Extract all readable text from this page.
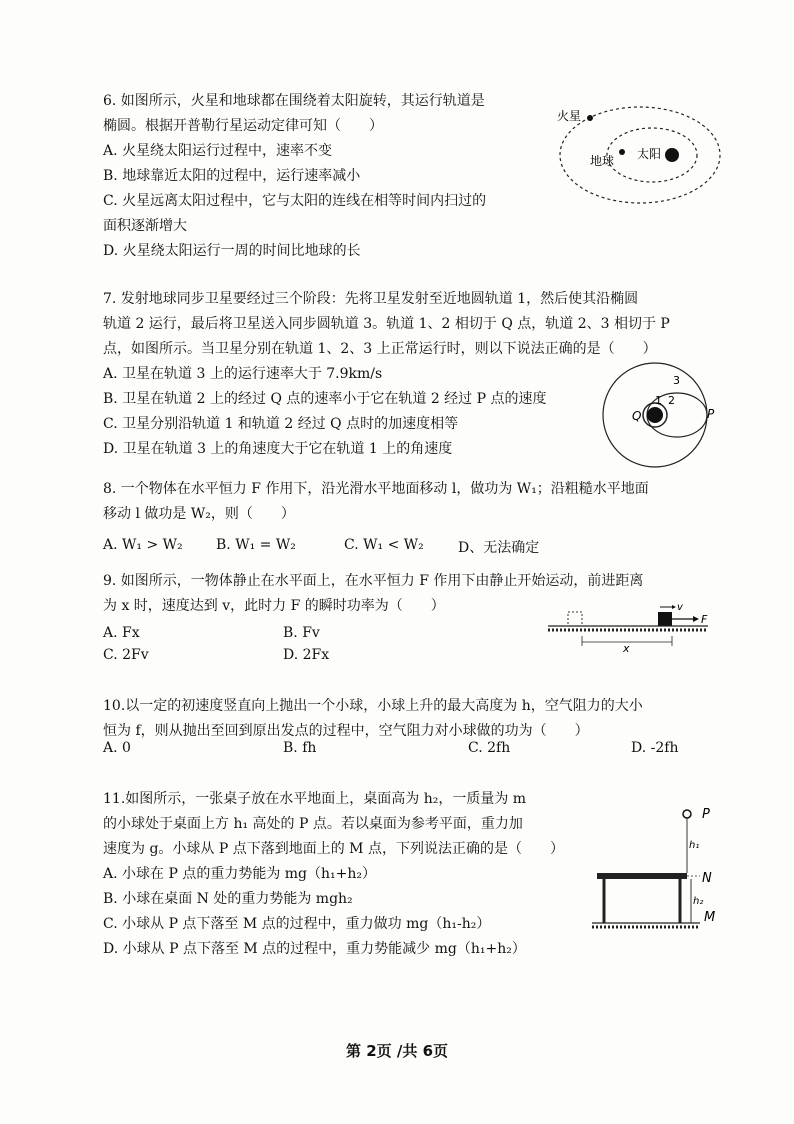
6. 如图所示，火星和地球都在围绕着太阳旋转，其运行轨道是
椭圆。根据开普勒行星运动定律可知（　　）
A. 火星绕太阳运行过程中，速率不变
B. 地球靠近太阳的过程中，运行速率减小
C. 火星远离太阳过程中，它与太阳的连线在相等时间内扫过的
面积逐渐增大
D. 火星绕太阳运行一周的时间比地球的长
火星
地球 太阳
7. 发射地球同步卫星要经过三个阶段：先将卫星发射至近地圆轨道 1，然后使其沿椭圆
轨道 2 运行，最后将卫星送入同步圆轨道 3。轨道 1、2 相切于 Q 点，轨道 2、3 相切于 P
点，如图所示。当卫星分别在轨道 1、2、3 上正常运行时，则以下说法正确的是（　　）
A. 卫星在轨道 3 上的运行速率大于 7.9km/s
B. 卫星在轨道 2 上的经过 Q 点的速率小于它在轨道 2 经过 P 点的速度
C. 卫星分别沿轨道 1 和轨道 2 经过 Q 点时的加速度相等
D. 卫星在轨道 3 上的角速度大于它在轨道 1 上的角速度
3
2
1
Q	P
8. 一个物体在水平恒力 F 作用下，沿光滑水平地面移动 l，做功为 W₁；沿粗糙水平地面
移动 l 做功是 W₂，则（　　）
A. W₁ > W₂ B. W₁ = W₂	C. W₁ < W₂ D、无法确定
9. 如图所示，一物体静止在水平面上，在水平恒力 F 作用下由静止开始运动，前进距离
为 x 时，速度达到 v，此时力 F 的瞬时功率为（　　）
A. Fx	B. Fv
C. 2Fv	D. 2Fx
v
F
x
10.以一定的初速度竖直向上抛出一个小球，小球上升的最大高度为 h，空气阻力的大小
恒为 f，则从抛出至回到原出发点的过程中，空气阻力对小球做的功为（　　）
A. 0	B. fh	C. 2fh	D. -2fh
11.如图所示，一张桌子放在水平地面上，桌面高为 h₂，一质量为 m
的小球处于桌面上方 h₁ 高处的 P 点。若以桌面为参考平面，重力加
速度为 g。小球从 P 点下落到地面上的 M 点，下列说法正确的是（　　）
A. 小球在 P 点的重力势能为 mg（h₁+h₂）
B. 小球在桌面 N 处的重力势能为 mgh₂
C. 小球从 P 点下落至 M 点的过程中，重力做功 mg（h₁-h₂）
D. 小球从 P 点下落至 M 点的过程中，重力势能减少 mg（h₁+h₂）
P
h₁
N
h₂
M
第 2页 /共 6页
